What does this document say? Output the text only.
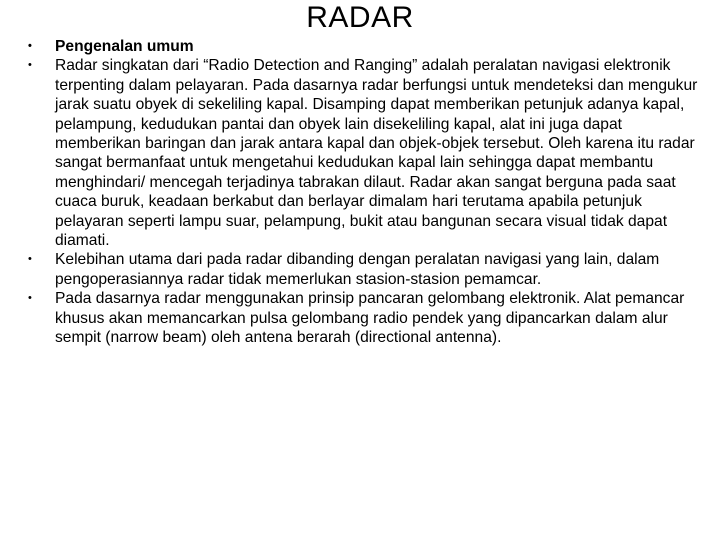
RADAR
•	Pengenalan umum
•	Radar singkatan dari “Radio Detection and Ranging” adalah peralatan navigasi elektronik terpenting dalam pelayaran. Pada dasarnya radar berfungsi untuk mendeteksi dan mengukur jarak suatu obyek di sekeliling kapal. Disamping dapat memberikan petunjuk adanya kapal, pelampung, kedudukan pantai dan obyek lain disekeliling kapal, alat ini juga dapat memberikan baringan dan jarak antara kapal dan objek-objek tersebut. Oleh karena itu radar sangat bermanfaat untuk mengetahui kedudukan kapal lain sehingga dapat membantu menghindari/ mencegah terjadinya tabrakan dilaut. Radar akan sangat berguna pada saat cuaca buruk, keadaan berkabut dan berlayar dimalam hari terutama apabila petunjuk pelayaran seperti lampu suar, pelampung, bukit atau bangunan secara visual tidak dapat diamati.
•	Kelebihan utama dari pada radar dibanding dengan peralatan navigasi yang lain, dalam pengoperasiannya radar tidak memerlukan stasion-stasion pemamcar.
•	Pada dasarnya radar menggunakan prinsip pancaran gelombang elektronik. Alat pemancar khusus akan memancarkan pulsa gelombang radio pendek yang dipancarkan dalam alur sempit (narrow beam) oleh antena berarah (directional antenna).
